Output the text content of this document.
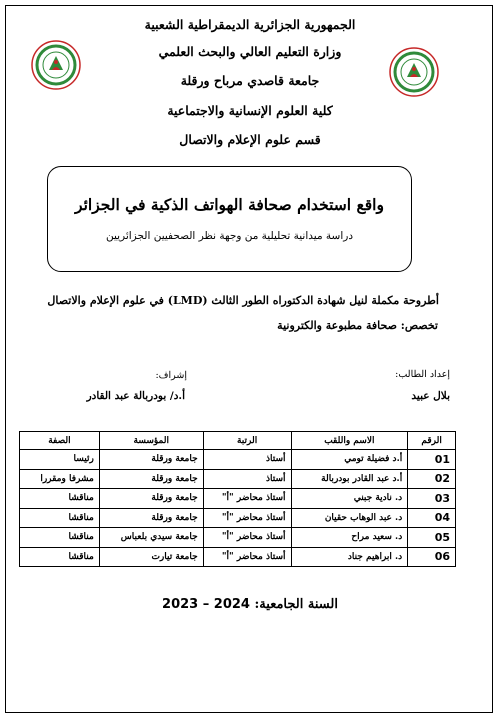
الجمهورية الجزائرية الديمقراطية الشعبية
وزارة التعليم العالي والبحث العلمي
جامعة قاصدي مرباح ورقلة
كلية العلوم الإنسانية والاجتماعية
قسم علوم الإعلام والاتصال
واقع استخدام صحافة الهواتف الذكية في الجزائر
دراسة ميدانية تحليلية من وجهة نظر الصحفيين الجزائريين
أطروحة مكملة لنيل شهادة الدكتوراه الطور الثالث (LMD) في علوم الإعلام والاتصال
تخصص: صحافة مطبوعة والكترونية
إعداد الطالب:
بلال عبيد
إشراف:
أ.د/ بودربالة عبد القادر
الرقم	الاسم واللقب	الرتبة	المؤسسة	الصفة
01	أ.د فضيلة تومي	أستاذ	جامعة ورقلة	رئيسا
02	أ.د عبد القادر بودربالة	أستاذ	جامعة ورقلة	مشرفا ومقررا
03	د. نادية جبني	أستاذ محاضر "أ"	جامعة ورقلة	مناقشا
04	د. عبد الوهاب حقيان	أستاذ محاضر "أ"	جامعة ورقلة	مناقشا
05	د. سعيد مراح	أستاذ محاضر "أ"	جامعة سيدي بلعباس	مناقشا
06	د. ابراهيم جناد	أستاذ محاضر "أ"	جامعة تيارت	مناقشا
السنة الجامعية: 2023 – 2024
